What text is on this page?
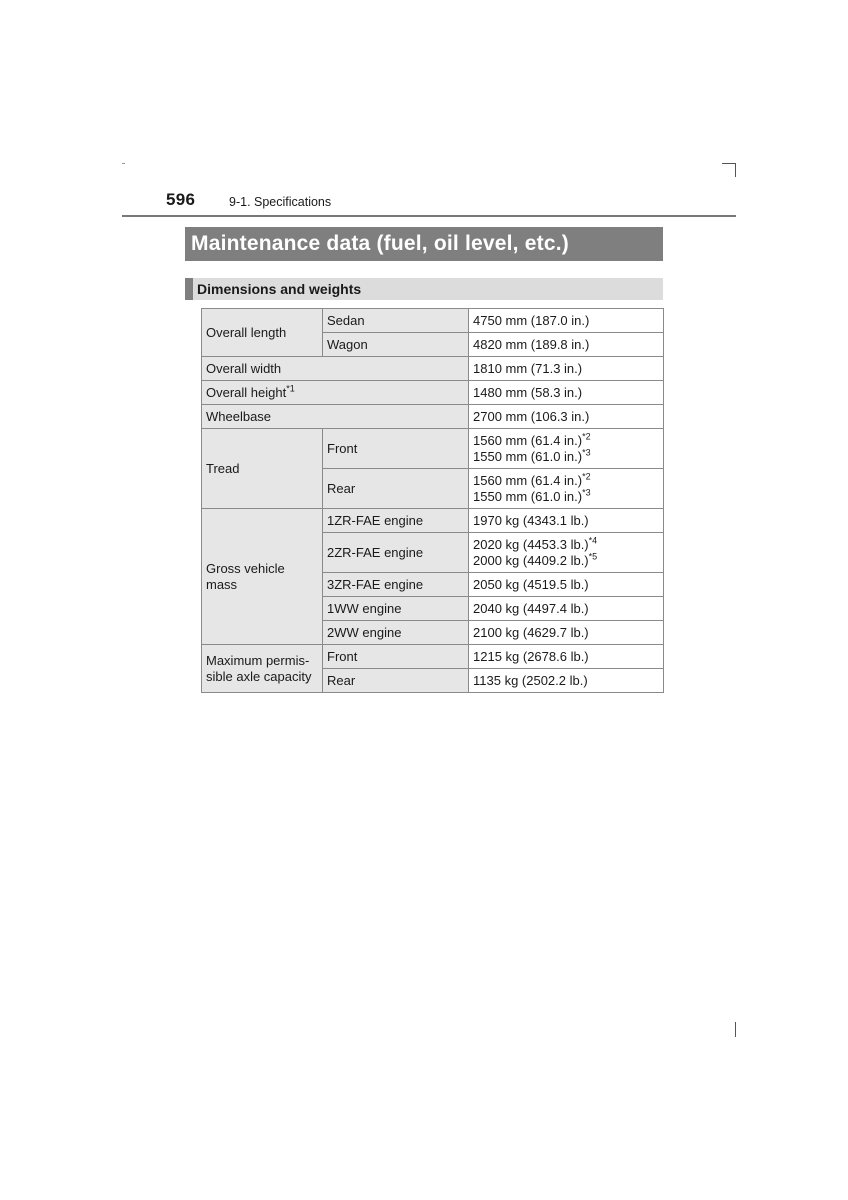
596	9-1. Specifications
Maintenance data (fuel, oil level, etc.)
Dimensions and weights
Overall length	Sedan	4750 mm (187.0 in.)
	Wagon	4820 mm (189.8 in.)
Overall width		1810 mm (71.3 in.)
Overall height$^{*1}$		1480 mm (58.3 in.)
Wheelbase		2700 mm (106.3 in.)
Tread	Front	1560 mm (61.4 in.)$^{*2}$
1550 mm (61.0 in.)$^{*3}$

	Rear	1560 mm (61.4 in.)$^{*2}$
1550 mm (61.0 in.)$^{*3}$

Gross vehicle
mass	1ZR-FAE engine	1970 kg (4343.1 lb.)
	2ZR-FAE engine	2020 kg (4453.3 lb.)$^{*4}$
2000 kg (4409.2 lb.)$^{*5}$

	3ZR-FAE engine	2050 kg (4519.5 lb.)
	1WW engine	2040 kg (4497.4 lb.)
	2WW engine	2100 kg (4629.7 lb.)

Maximum permis-
sible axle capacity	Front	1215 kg (2678.6 lb.)
	Rear	1135 kg (2502.2 lb.)
